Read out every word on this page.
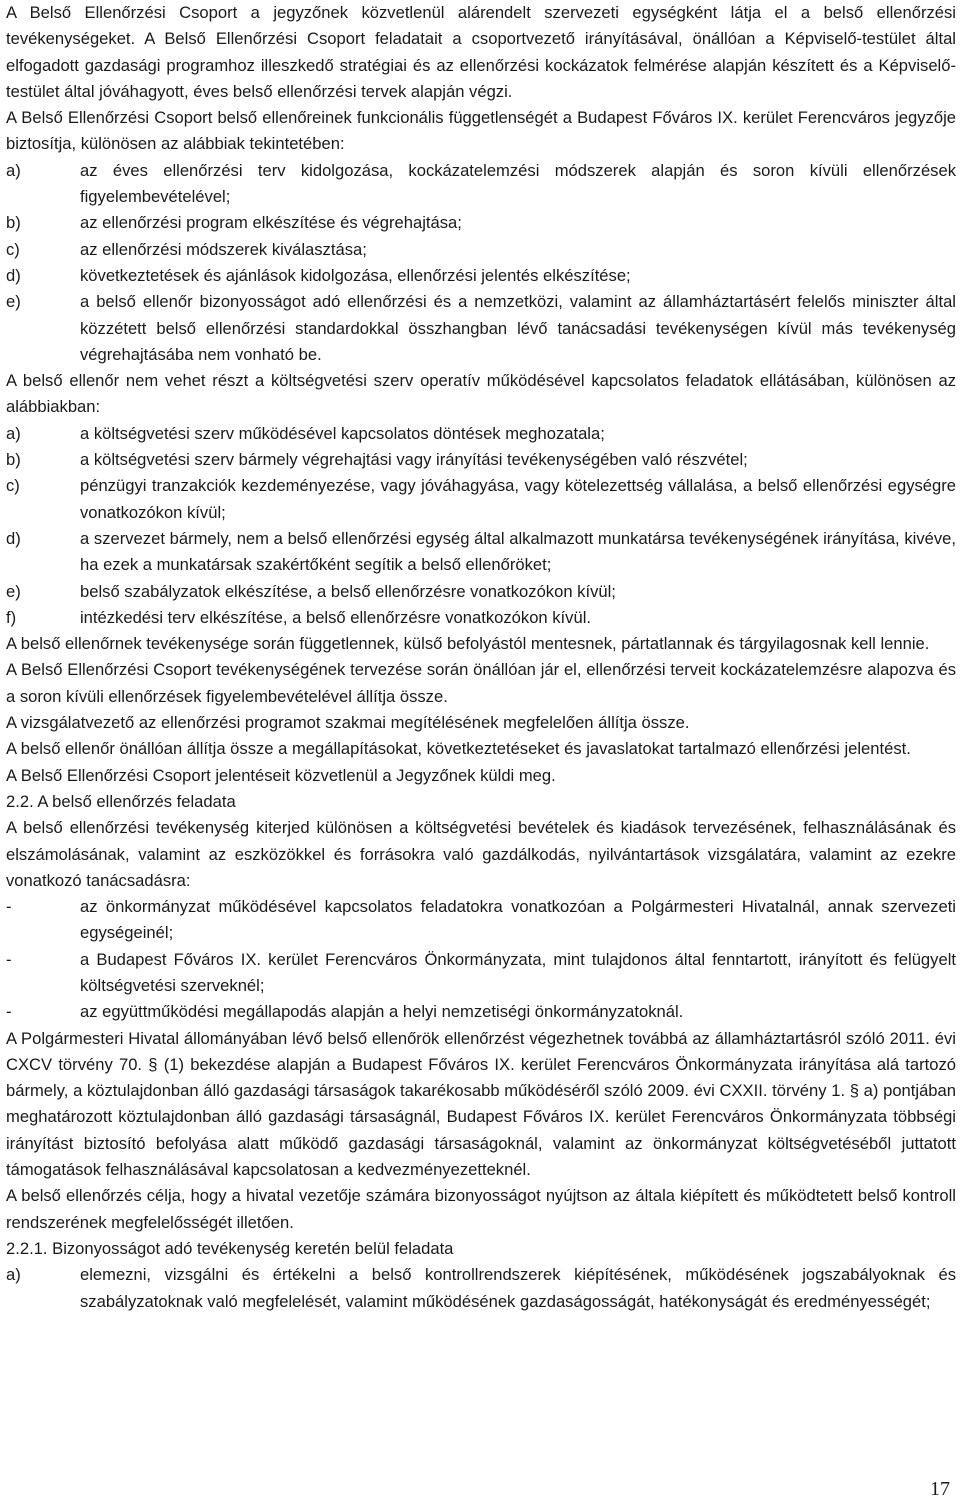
A Belső Ellenőrzési Csoport a jegyzőnek közvetlenül alárendelt szervezeti egységként látja el a belső ellenőrzési tevékenységeket. A Belső Ellenőrzési Csoport feladatait a csoportvezető irányításával, önállóan a Képviselő-testület által elfogadott gazdasági programhoz illeszkedő stratégiai és az ellenőrzési kockázatok felmérése alapján készített és a Képviselő-testület által jóváhagyott, éves belső ellenőrzési tervek alapján végzi.

A Belső Ellenőrzési Csoport belső ellenőreinek funkcionális függetlenségét a Budapest Főváros IX. kerület Ferencváros jegyzője biztosítja, különösen az alábbiak tekintetében:

a)	az éves ellenőrzési terv kidolgozása, kockázatelemzési módszerek alapján és soron kívüli ellenőrzések figyelembevételével;
b)	az ellenőrzési program elkészítése és végrehajtása;
c)	az ellenőrzési módszerek kiválasztása;
d)	következtetések és ajánlások kidolgozása, ellenőrzési jelentés elkészítése;
e)	a belső ellenőr bizonyosságot adó ellenőrzési és a nemzetközi, valamint az államháztartásért felelős miniszter által közzétett belső ellenőrzési standardokkal összhangban lévő tanácsadási tevékenységen kívül más tevékenység végrehajtásába nem vonható be.

A belső ellenőr nem vehet részt a költségvetési szerv operatív működésével kapcsolatos feladatok ellátásában, különösen az alábbiakban:

a)	a költségvetési szerv működésével kapcsolatos döntések meghozatala;
b)	a költségvetési szerv bármely végrehajtási vagy irányítási tevékenységében való részvétel;
c)	pénzügyi tranzakciók kezdeményezése, vagy jóváhagyása, vagy kötelezettség vállalása, a belső ellenőrzési egységre vonatkozókon kívül;
d)	a szervezet bármely, nem a belső ellenőrzési egység által alkalmazott munkatársa tevékenységének irányítása, kivéve, ha ezek a munkatársak szakértőként segítik a belső ellenőröket;
e)	belső szabályzatok elkészítése, a belső ellenőrzésre vonatkozókon kívül;
f)	intézkedési terv elkészítése, a belső ellenőrzésre vonatkozókon kívül.

A belső ellenőrnek tevékenysége során függetlennek, külső befolyástól mentesnek, pártatlannak és tárgyilagosnak kell lennie.

A Belső Ellenőrzési Csoport tevékenységének tervezése során önállóan jár el, ellenőrzési terveit kockázatelemzésre alapozva és a soron kívüli ellenőrzések figyelembevételével állítja össze.

A vizsgálatvezető az ellenőrzési programot szakmai megítélésének megfelelően állítja össze.

A belső ellenőr önállóan állítja össze a megállapításokat, következtetéseket és javaslatokat tartalmazó ellenőrzési jelentést.

A Belső Ellenőrzési Csoport jelentéseit közvetlenül a Jegyzőnek küldi meg.

2.2. A belső ellenőrzés feladata

A belső ellenőrzési tevékenység kiterjed különösen a költségvetési bevételek és kiadások tervezésének, felhasználásának és elszámolásának, valamint az eszközökkel és forrásokra való gazdálkodás, nyilvántartások vizsgálatára, valamint az ezekre vonatkozó tanácsadásra:

-	az önkormányzat működésével kapcsolatos feladatokra vonatkozóan a Polgármesteri Hivatalnál, annak szervezeti egységeinél;
-	a Budapest Főváros IX. kerület Ferencváros Önkormányzata, mint tulajdonos által fenntartott, irányított és felügyelt költségvetési szerveknél;
-	az együttműködési megállapodás alapján a helyi nemzetiségi önkormányzatoknál.

A Polgármesteri Hivatal állományában lévő belső ellenőrök ellenőrzést végezhetnek továbbá az államháztartásról szóló 2011. évi CXCV törvény 70. § (1) bekezdése alapján a Budapest Főváros IX. kerület Ferencváros Önkormányzata irányítása alá tartozó bármely, a köztulajdonban álló gazdasági társaságok takarékosabb működéséről szóló 2009. évi CXXII. törvény 1. § a) pontjában meghatározott köztulajdonban álló gazdasági társaságnál, Budapest Főváros IX. kerület Ferencváros Önkormányzata többségi irányítást biztosító befolyása alatt működő gazdasági társaságoknál, valamint az önkormányzat költségvetéséből juttatott támogatások felhasználásával kapcsolatosan a kedvezményezetteknél.

A belső ellenőrzés célja, hogy a hivatal vezetője számára bizonyosságot nyújtson az általa kiépített és működtetett belső kontroll rendszerének megfelelősségét illetően.

2.2.1. Bizonyosságot adó tevékenység keretén belül feladata

a)	elemezni, vizsgálni és értékelni a belső kontrollrendszerek kiépítésének, működésének jogszabályoknak és szabályzatoknak való megfelelését, valamint működésének gazdaságosságát, hatékonyságát és eredményességét;
17
